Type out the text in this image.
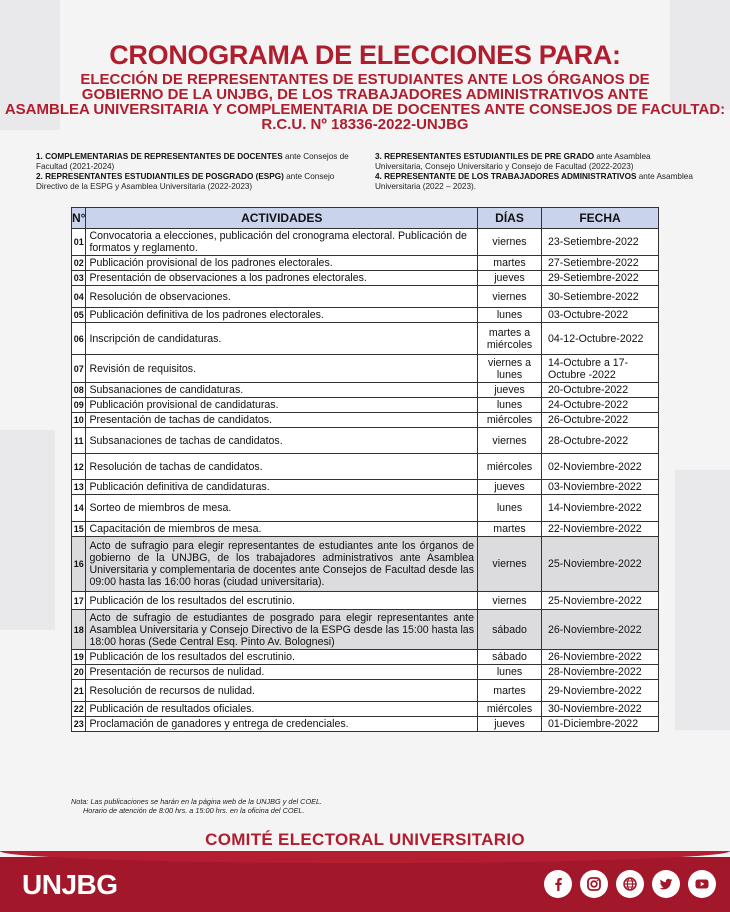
CRONOGRAMA DE ELECCIONES PARA:
ELECCIÓN DE REPRESENTANTES DE ESTUDIANTES ANTE LOS ÓRGANOS DE
GOBIERNO DE LA UNJBG, DE LOS TRABAJADORES ADMINISTRATIVOS ANTE
ASAMBLEA UNIVERSITARIA Y COMPLEMENTARIA DE DOCENTES ANTE CONSEJOS DE FACULTAD:
R.C.U. Nº 18336-2022-UNJBG
1. COMPLEMENTARIAS DE REPRESENTANTES DE DOCENTES ante Consejos de Facultad (2021-2024)
2. REPRESENTANTES ESTUDIANTILES DE POSGRADO (ESPG) ante Consejo Directivo de la ESPG y Asamblea Universitaria (2022-2023)
3. REPRESENTANTES ESTUDIANTILES DE PRE GRADO ante Asamblea Universitaria, Consejo Universitario y Consejo de Facultad (2022-2023)
4. REPRESENTANTE DE LOS TRABAJADORES ADMINISTRATIVOS ante Asamblea Universitaria (2022 – 2023).
N°	ACTIVIDADES	DÍAS	FECHA
01	Convocatoria a elecciones, publicación del cronograma electoral. Publicación de formatos y reglamento.	viernes	23-Setiembre-2022
02	Publicación provisional de los padrones electorales.	martes	27-Setiembre-2022
03	Presentación de observaciones a los padrones electorales.	jueves	29-Setiembre-2022
04	Resolución de observaciones.	viernes	30-Setiembre-2022
05	Publicación definitiva de los padrones electorales.	lunes	03-Octubre-2022
06	Inscripción de candidaturas.	martes a miércoles	04-12-Octubre-2022
07	Revisión de requisitos.	viernes a lunes	14-Octubre a 17-Octubre -2022
08	Subsanaciones de candidaturas.	jueves	20-Octubre-2022
09	Publicación provisional de candidaturas.	lunes	24-Octubre-2022
10	Presentación de tachas de candidatos.	miércoles	26-Octubre-2022
11	Subsanaciones de tachas de candidatos.	viernes	28-Octubre-2022
12	Resolución de tachas de candidatos.	miércoles	02-Noviembre-2022
13	Publicación definitiva de candidaturas.	jueves	03-Noviembre-2022
14	Sorteo de miembros de mesa.	lunes	14-Noviembre-2022
15	Capacitación de miembros de mesa.	martes	22-Noviembre-2022
16	Acto de sufragio para elegir representantes de estudiantes ante los órganos de gobierno de la UNJBG, de los trabajadores administrativos ante Asamblea Universitaria y complementaria de docentes ante Consejos de Facultad desde las 09:00 hasta las 16:00 horas (ciudad universitaria).	viernes	25-Noviembre-2022
17	Publicación de los resultados del escrutinio.	viernes	25-Noviembre-2022
18	Acto de sufragio de estudiantes de posgrado para elegir representantes ante Asamblea Universitaria y Consejo Directivo de la ESPG desde las 15:00 hasta las 18:00 horas (Sede Central Esq. Pinto Av. Bolognesi)	sábado	26-Noviembre-2022
19	Publicación de los resultados del escrutinio.	sábado	26-Noviembre-2022
20	Presentación de recursos de nulidad.	lunes	28-Noviembre-2022
21	Resolución de recursos de nulidad.	martes	29-Noviembre-2022
22	Publicación de resultados oficiales.	miércoles	30-Noviembre-2022
23	Proclamación de ganadores y entrega de credenciales.	jueves	01-Diciembre-2022
Nota: Las publicaciones se harán en la página web de la UNJBG y del COEL.
Horario de atención de 8:00 hrs. a 15:00 hrs. en la oficina del COEL.
COMITÉ ELECTORAL UNIVERSITARIO
UNJBG
